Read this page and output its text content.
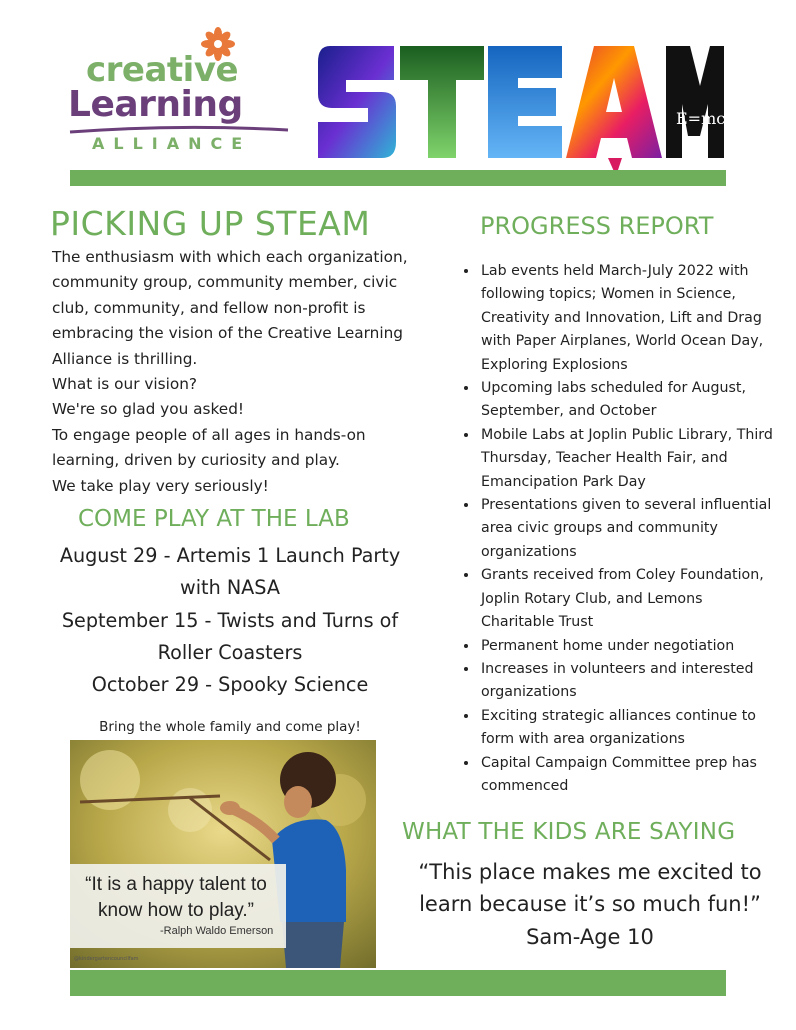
creative
Learning
ALLIANCE
E=mc²
PICKING UP STEAM

The enthusiasm with which each organization, community group, community member, civic club, community, and fellow non-profit is embracing the vision of the Creative Learning Alliance is thrilling.

What is our vision?

We're so glad you asked!

To engage people of all ages in hands-on learning, driven by curiosity and play.

We take play very seriously!

COME PLAY AT THE LAB

August 29 - Artemis 1 Launch Party with NASA

September 15 - Twists and Turns of Roller Coasters

October 29 - Spooky Science

Bring the whole family and come play!
“It is a happy talent to know how to play.”
-Ralph Waldo Emerson
@kindergartencouncilfam
PROGRESS REPORT
• Lab events held March-July 2022 with following topics; Women in Science, Creativity and Innovation, Lift and Drag with Paper Airplanes, World Ocean Day, Exploring Explosions
• Upcoming labs scheduled for August, September, and October
• Mobile Labs at Joplin Public Library, Third Thursday, Teacher Health Fair, and Emancipation Park Day
• Presentations given to several influential area civic groups and community organizations
• Grants received from Coley Foundation, Joplin Rotary Club, and Lemons Charitable Trust
• Permanent home under negotiation
• Increases in volunteers and interested organizations
• Exciting strategic alliances continue to form with area organizations
• Capital Campaign Committee prep has commenced
WHAT THE KIDS ARE SAYING
“This place makes me excited to learn because it’s so much fun!” Sam-Age 10
